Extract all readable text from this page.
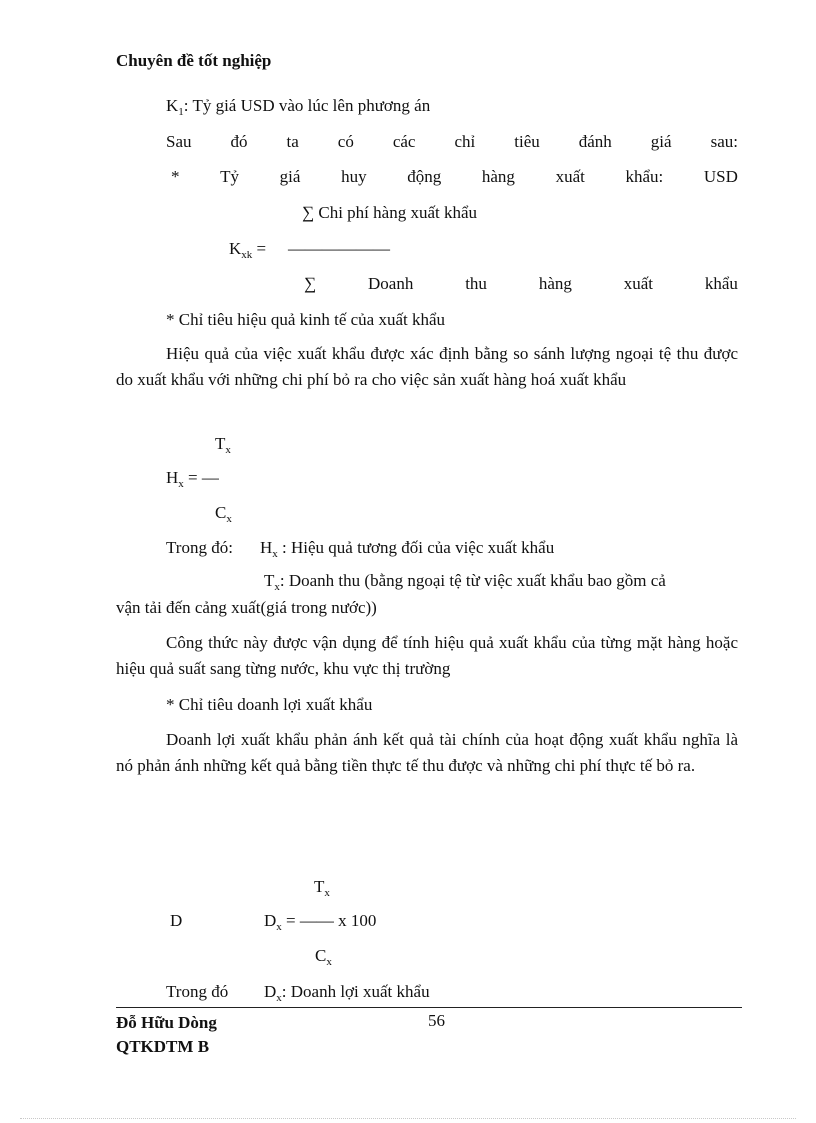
Chuyên đề tốt nghiệp
$K_1$: Tỷ giá USD vào lúc lên phương án
Sau đó ta có các chỉ tiêu đánh giá sau:
* Tỷ giá huy động hàng xuất khẩu: USD
∑ Chi phí hàng xuất khẩu
$K_{xk}$ = ——————
∑	Doanh	thu	hàng	xuất	khẩu
* Chỉ tiêu hiệu quả kinh tế của xuất khẩu

Hiệu quả của việc xuất khẩu được xác định bằng so sánh lượng ngoại tệ thu được do xuất khẩu với những chi phí bỏ ra cho việc sản xuất hàng hoá xuất khẩu

$T_x$
$H_x$ = —
$C_x$
Trong đó: $H_x$ : Hiệu quả tương đối của việc xuất khẩu
$T_x$: Doanh thu (bằng ngoại tệ từ việc xuất khẩu bao gồm cả
vận tải đến cảng xuất(giá trong nước))

Công thức này được vận dụng để tính hiệu quả xuất khẩu của từng mặt hàng hoặc hiệu quả suất sang từng nước, khu vực thị trường

* Chỉ tiêu doanh lợi xuất khẩu

Doanh lợi xuất khẩu phản ánh kết quả tài chính của hoạt động xuất khẩu nghĩa là nó phản ánh những kết quả bằng tiền thực tế thu được và những chi phí thực tế bỏ ra.

$T_x$
D	$D_x$ = —— x 100
$C_x$
Trong đó $D_x$: Doanh lợi xuất khẩu
Đỗ Hữu Dòng	56
QTKDTM B
